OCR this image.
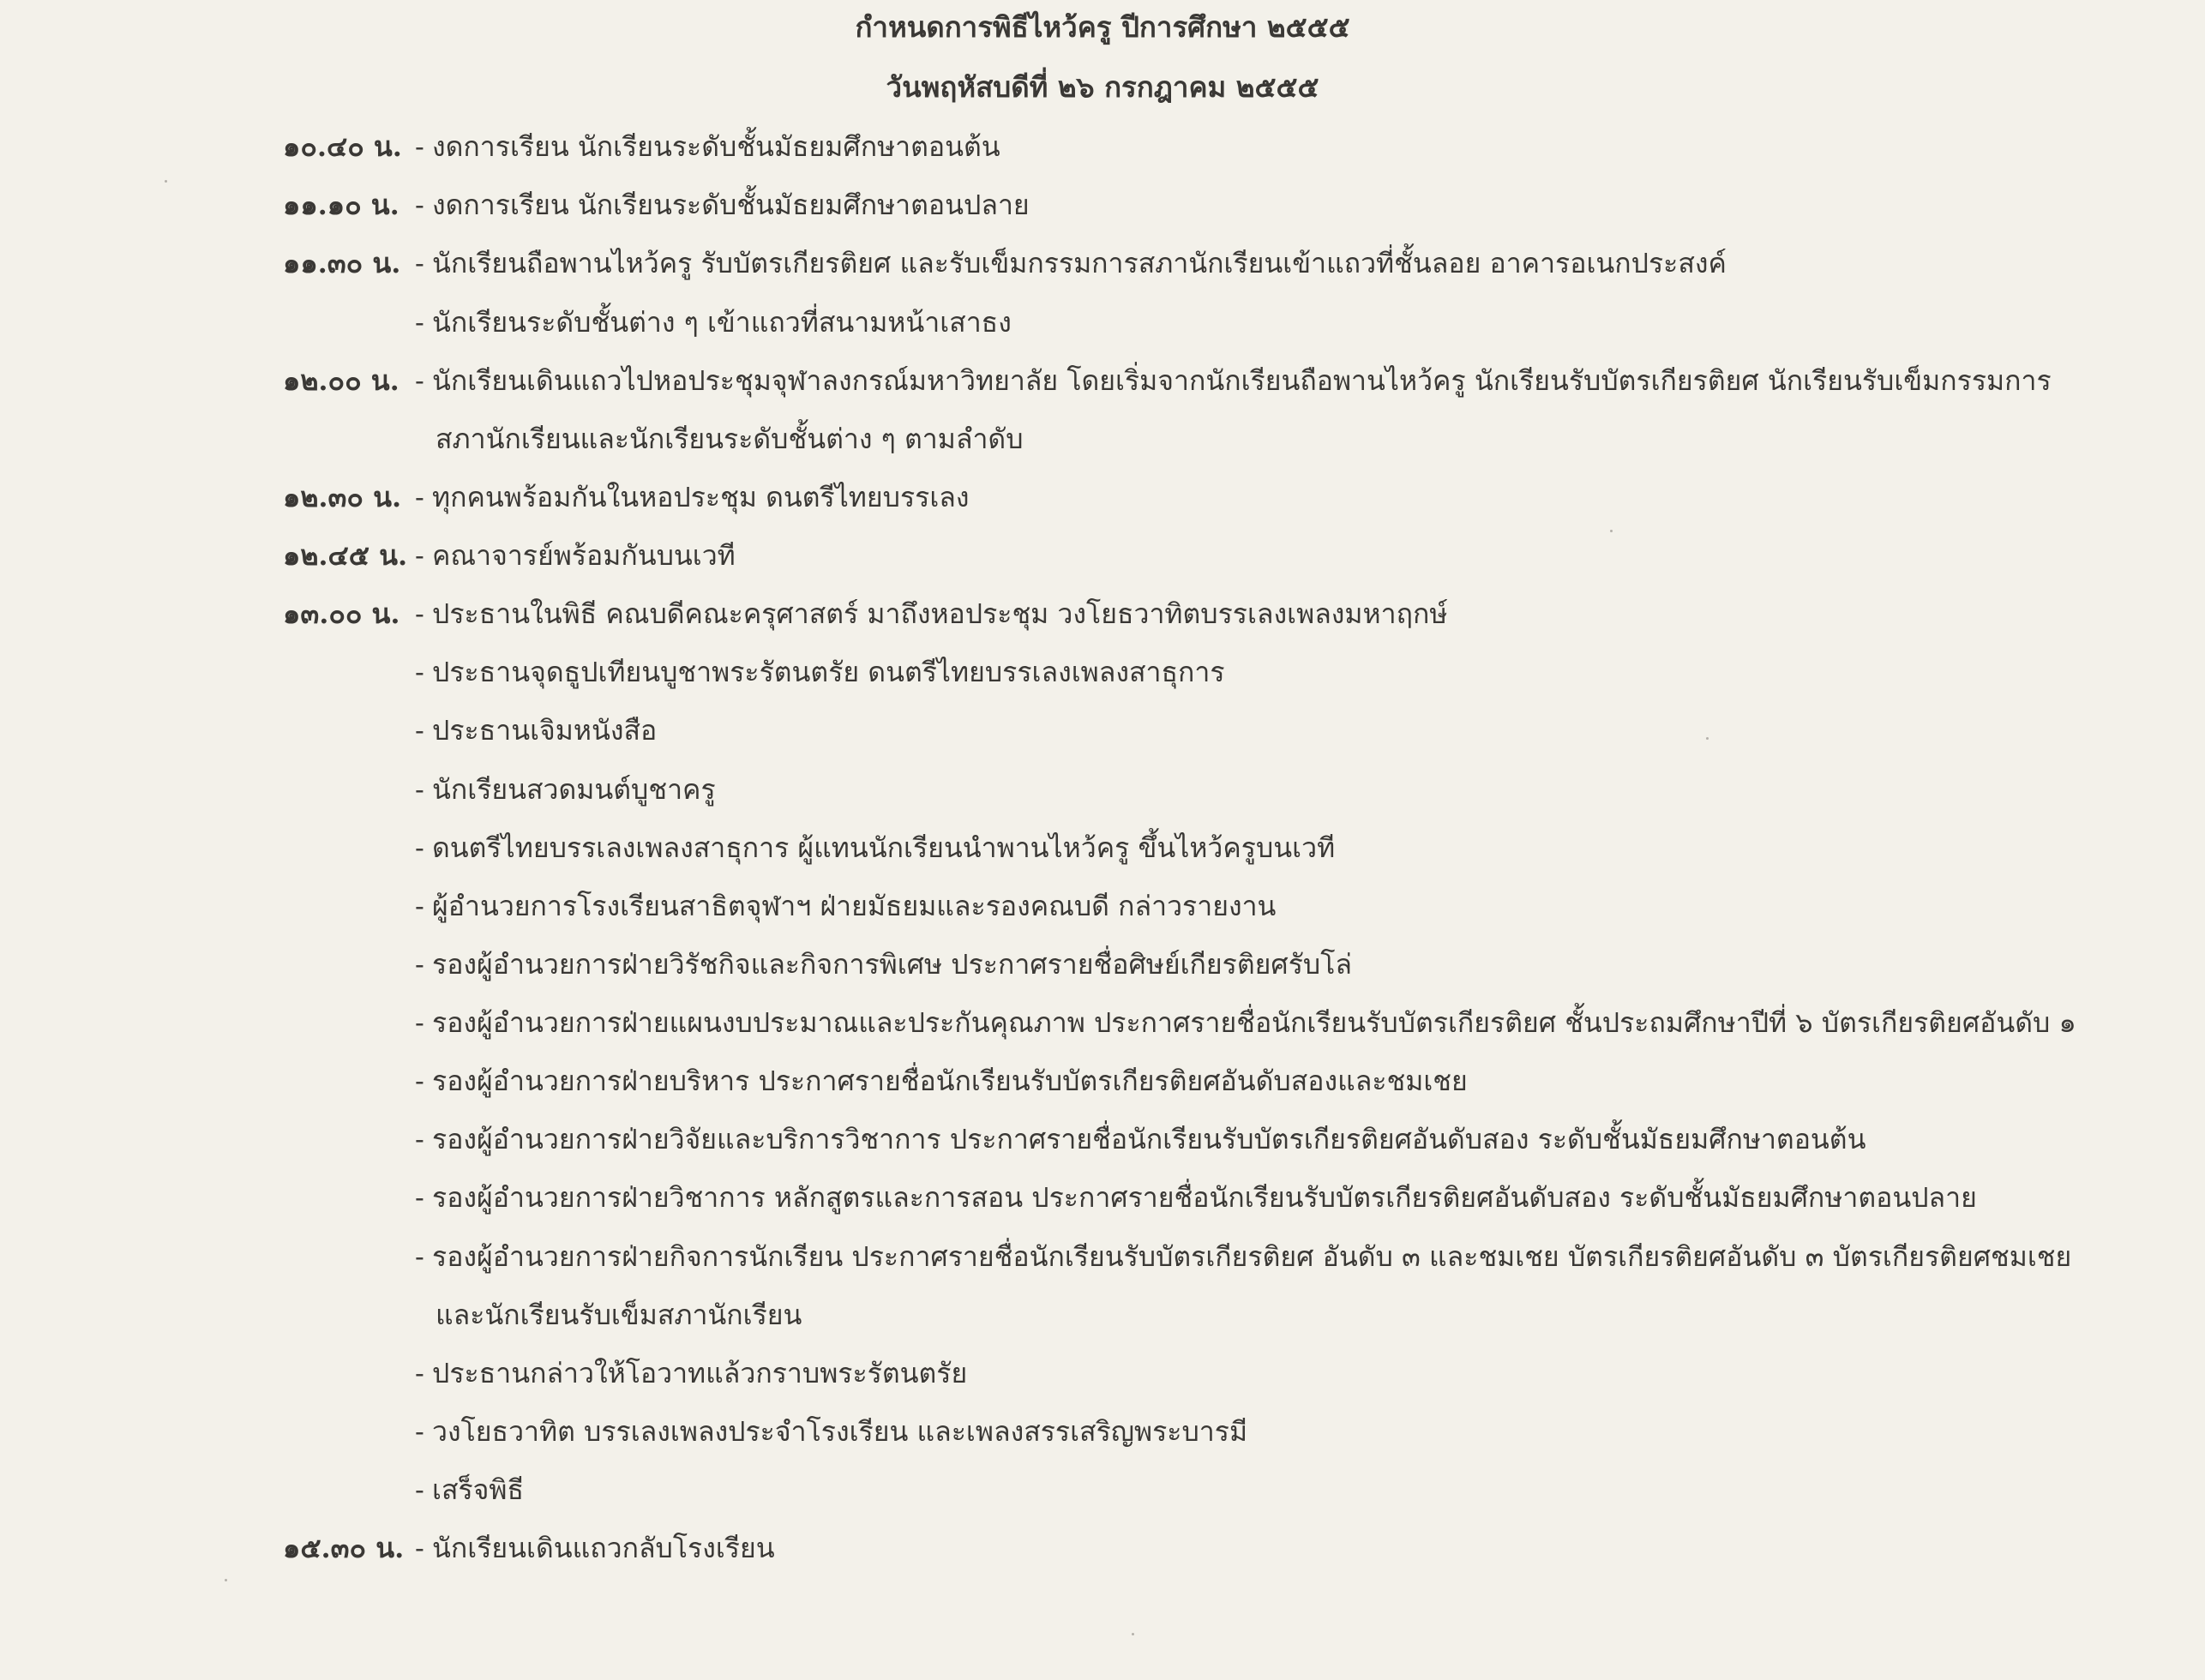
กำหนดการพิธีไหว้ครู ปีการศึกษา ๒๕๕๕
วันพฤหัสบดีที่ ๒๖ กรกฎาคม ๒๕๕๕
๑๐.๔๐ น. - งดการเรียน นักเรียนระดับชั้นมัธยมศึกษาตอนต้น
๑๑.๑๐ น. - งดการเรียน นักเรียนระดับชั้นมัธยมศึกษาตอนปลาย
๑๑.๓๐ น. - นักเรียนถือพานไหว้ครู รับบัตรเกียรติยศ และรับเข็มกรรมการสภานักเรียนเข้าแถวที่ชั้นลอย อาคารอเนกประสงค์
- นักเรียนระดับชั้นต่าง ๆ เข้าแถวที่สนามหน้าเสาธง
๑๒.๐๐ น. - นักเรียนเดินแถวไปหอประชุมจุฬาลงกรณ์มหาวิทยาลัย โดยเริ่มจากนักเรียนถือพานไหว้ครู นักเรียนรับบัตรเกียรติยศ นักเรียนรับเข็มกรรมการ
สภานักเรียนและนักเรียนระดับชั้นต่าง ๆ ตามลำดับ
๑๒.๓๐ น. - ทุกคนพร้อมกันในหอประชุม ดนตรีไทยบรรเลง
๑๒.๔๕ น. - คณาจารย์พร้อมกันบนเวที
๑๓.๐๐ น. - ประธานในพิธี คณบดีคณะครุศาสตร์ มาถึงหอประชุม วงโยธวาทิตบรรเลงเพลงมหาฤกษ์
- ประธานจุดธูปเทียนบูชาพระรัตนตรัย ดนตรีไทยบรรเลงเพลงสาธุการ
- ประธานเจิมหนังสือ
- นักเรียนสวดมนต์บูชาครู
- ดนตรีไทยบรรเลงเพลงสาธุการ ผู้แทนนักเรียนนำพานไหว้ครู ขึ้นไหว้ครูบนเวที
- ผู้อำนวยการโรงเรียนสาธิตจุฬาฯ ฝ่ายมัธยมและรองคณบดี กล่าวรายงาน
- รองผู้อำนวยการฝ่ายวิรัชกิจและกิจการพิเศษ ประกาศรายชื่อศิษย์เกียรติยศรับโล่
- รองผู้อำนวยการฝ่ายแผนงบประมาณและประกันคุณภาพ ประกาศรายชื่อนักเรียนรับบัตรเกียรติยศ ชั้นประถมศึกษาปีที่ ๖ บัตรเกียรติยศอันดับ ๑
- รองผู้อำนวยการฝ่ายบริหาร ประกาศรายชื่อนักเรียนรับบัตรเกียรติยศอันดับสองและชมเชย
- รองผู้อำนวยการฝ่ายวิจัยและบริการวิชาการ ประกาศรายชื่อนักเรียนรับบัตรเกียรติยศอันดับสอง ระดับชั้นมัธยมศึกษาตอนต้น
- รองผู้อำนวยการฝ่ายวิชาการ หลักสูตรและการสอน ประกาศรายชื่อนักเรียนรับบัตรเกียรติยศอันดับสอง ระดับชั้นมัธยมศึกษาตอนปลาย
- รองผู้อำนวยการฝ่ายกิจการนักเรียน ประกาศรายชื่อนักเรียนรับบัตรเกียรติยศ อันดับ ๓ และชมเชย บัตรเกียรติยศอันดับ ๓ บัตรเกียรติยศชมเชย
และนักเรียนรับเข็มสภานักเรียน
- ประธานกล่าวให้โอวาทแล้วกราบพระรัตนตรัย
- วงโยธวาทิต บรรเลงเพลงประจำโรงเรียน และเพลงสรรเสริญพระบารมี
- เสร็จพิธี
๑๕.๓๐ น. - นักเรียนเดินแถวกลับโรงเรียน
